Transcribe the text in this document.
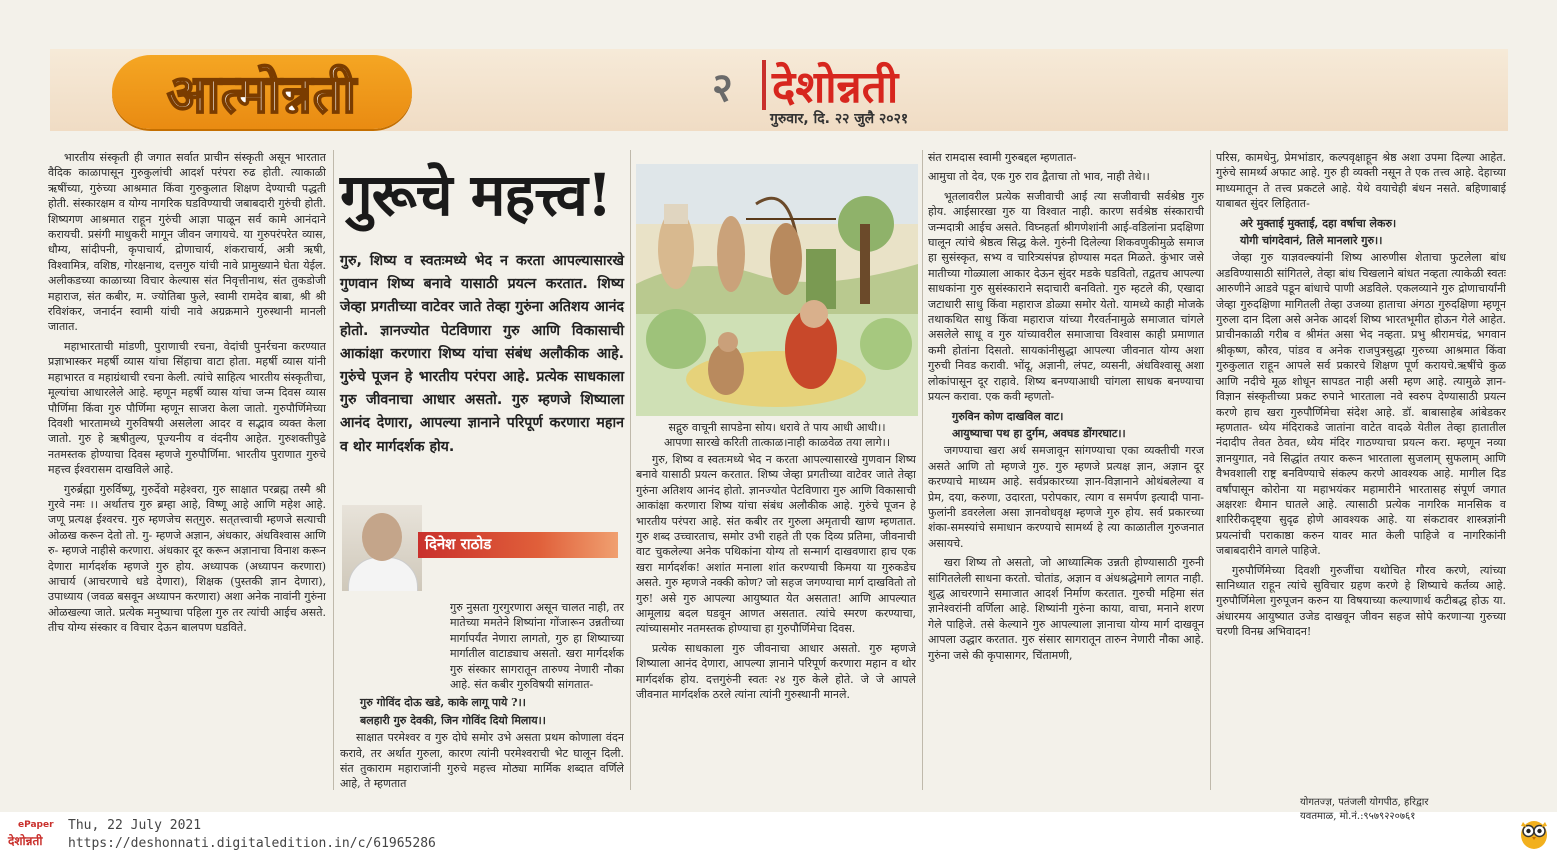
आत्मोन्नती	२ देशोन्नती
गुरुवार, दि. २२ जुलै २०२१

भारतीय संस्कृती ही जगात सर्वात प्राचीन संस्कृती असून भारतात वैदिक काळापासून गुरुकुलांची आदर्श परंपरा रुढ होती. त्याकाळी ऋषींच्या, गुरुंच्या आश्रमात किंवा गुरुकुलात शिक्षण देण्याची पद्धती होती. संस्कारक्षम व योग्य नागरिक घडविण्याची जबाबदारी गुरुंची होती. शिष्यगण आश्रमात राहून गुरुंची आज्ञा पाळून सर्व कामे आनंदाने करायची. प्रसंगी माधुकरी मागून जीवन जगायचे. या गुरुपरंपरेत व्यास, धौम्य, सांदीपनी, कृपाचार्य, द्रोणाचार्य, शंकराचार्य, अत्री ऋषी, विश्वामित्र, वशिष्ठ, गोरक्षनाथ, दत्तगुरु यांची नावे प्रामुख्याने घेता येईल. अलीकडच्या काळाच्या विचार केल्यास संत निवृत्तीनाथ, संत तुकडोजी महाराज, संत कबीर, म. ज्योतिबा फुले, स्वामी रामदेव बाबा, श्री श्री रविशंकर, जनार्दन स्वामी यांची नावे अग्रक्रमाने गुरुस्थानी मानली जातात.

महाभारताची मांडणी, पुराणाची रचना, वेदांची पुनर्रचना करण्यात प्रज्ञाभास्कर महर्षी व्यास यांचा सिंहाचा वाटा होता. महर्षी व्यास यांनी महाभारत व महाग्रंथाची रचना केली. त्यांचे साहित्य भारतीय संस्कृतीचा, मूल्यांचा आधारलेले आहे. म्हणून महर्षी व्यास यांचा जन्म दिवस व्यास पौर्णिमा किंवा गुरु पौर्णिमा म्हणून साजरा केला जातो. गुरुपौर्णिमेच्या दिवशी भारतामध्ये गुरुविषयी असलेला आदर व सद्भाव व्यक्त केला जातो. गुरु हे ऋषीतुल्य, पूज्यनीय व वंदनीय आहेत. गुरुशक्तीपुढे नतमस्तक होण्याचा दिवस म्हणजे गुरुपौर्णिमा. भारतीय पुराणात गुरुचे महत्त्व ईश्वरासम दाखविले आहे.

गुरुर्ब्रह्मा गुरुर्विष्णू, गुरुर्देवो महेश्वरा, गुरु साक्षात परब्रह्म तस्मै श्री गुरवे नमः ।। अर्थातच गुरु ब्रम्हा आहे, विष्णू आहे आणि महेश आहे. जणू प्रत्यक्ष ईश्वरच. गुरु म्हणजेच सत्‌गुरु. सत्‌तत्त्वाची म्हणजे सत्याची ओळख करून देतो तो. गु- म्हणजे अज्ञान, अंधकार, अंधविश्वास आणि रु- म्हणजे नाहीसे करणारा. अंधकार दूर करून अज्ञानाचा विनाश करून देणारा मार्गदर्शक म्हणजे गुरु होय. अध्यापक (अध्यापन करणारा) आचार्य (आचरणाचे धडे देणारा), शिक्षक (पुस्तकी ज्ञान देणारा), उपाध्याय (जवळ बसवून अध्यापन करणारा) अशा अनेक नावांनी गुरुंना ओळखल्या जाते. प्रत्येक मनुष्याचा पहिला गुरु तर त्यांची आईच असते. तीच योग्य संस्कार व विचार देऊन बालपण घडविते.

गुरूचे महत्त्व!
गुरु, शिष्य व स्वतःमध्ये भेद न करता आपल्यासारखे गुणवान शिष्य बनावे यासाठी प्रयत्न करतात. शिष्य जेव्हा प्रगतीच्या वाटेवर जाते तेव्हा गुरुंना अतिशय आनंद होतो. ज्ञानज्योत पेटविणारा गुरु आणि विकासाची आकांक्षा करणारा शिष्य यांचा संबंध अलौकीक आहे. गुरुंचे पूजन हे भारतीय परंपरा आहे. प्रत्येक साधकाला गुरु जीवनाचा आधार असतो. गुरु म्हणजे शिष्याला आनंद देणारा, आपल्या ज्ञानाने परिपूर्ण करणारा महान व थोर मार्गदर्शक होय.
दिनेश राठोड

गुरु नुसता गुरगुरणारा असून चालत नाही, तर मातेच्या ममतेने शिष्यांना गोंजारून उन्नतीच्या मार्गापर्यंत नेणारा लागतो, गुरु हा शिष्याच्या मार्गातील वाटाड्याच असतो. खरा मार्गदर्शक गुरु संस्कार सागरातून तारुण्य नेणारी नौका आहे. संत कबीर गुरुविषयी सांगतात-

गुरु गोविंद दोऊ खडे, काके लागू पाये ?।।

बलहारी गुरु देवकी, जिन गोविंद दियो मिलाय।।

साक्षात परमेश्वर व गुरु दोघे समोर उभे असता प्रथम कोणाला वंदन करावे, तर अर्थात गुरुला, कारण त्यांनी परमेश्वराची भेट घालून दिली. संत तुकाराम महाराजांनी गुरुचे महत्त्व मोठ्या मार्मिक शब्दात वर्णिले आहे, ते म्हणतात

सद्गुरु वाचूनी सापडेना सोय। धरावे ते पाय आधी आधी।।
आपणा सारखे करिती तात्काळ।नाही काळवेळ तया लागे।।

गुरु, शिष्य व स्वतःमध्ये भेद न करता आपल्यासारखे गुणवान शिष्य बनावे यासाठी प्रयत्न करतात. शिष्य जेव्हा प्रगतीच्या वाटेवर जाते तेव्हा गुरुंना अतिशय आनंद होतो. ज्ञानज्योत पेटविणारा गुरु आणि विकासाची आकांक्षा करणारा शिष्य यांचा संबंध अलौकीक आहे. गुरुंचे पूजन हे भारतीय परंपरा आहे. संत कबीर तर गुरुला अमृताची खाण म्हणतात. गुरु शब्द उच्चारताच, समोर उभी राहते ती एक दिव्य प्रतिमा, जीवनाची वाट चुकलेल्या अनेक पथिकांना योग्य तो सन्मार्ग दाखवणारा हाच एक खरा मार्गदर्शक! अशांत मनाला शांत करण्याची किमया या गुरुकडेच असते. गुरु म्हणजे नक्की कोण? जो सहज जगण्याचा मार्ग दाखवितो तो गुरु! असे गुरु आपल्या आयुष्यात येत असतात! आणि आपल्यात आमूलाग्र बदल घडवून आणत असतात. त्यांचे स्मरण करण्याचा, त्यांच्यासमोर नतमस्तक होण्याचा हा गुरुपौर्णिमेचा दिवस.

प्रत्येक साधकाला गुरु जीवनाचा आधार असतो. गुरु म्हणजे शिष्याला आनंद देणारा, आपल्या ज्ञानाने परिपूर्ण करणारा महान व थोर मार्गदर्शक होय. दत्तगुरुंनी स्वतः २४ गुरु केले होते. जे जे आपले जीवनात मार्गदर्शक ठरले त्यांना त्यांनी गुरुस्थानी मानले.

संत रामदास स्वामी गुरुबद्दल म्हणतात-

आमुचा तो देव, एक गुरु राव द्वैताचा तो भाव, नाही तेथे।।

भूतलावरील प्रत्येक सजीवाची आई त्या सजीवाची सर्वश्रेष्ठ गुरु होय. आईसारखा गुरु या विश्वात नाही. कारण सर्वश्रेष्ठ संस्काराची जन्मदात्री आईच असते. विघ्नहर्ता श्रीगणेशांनी आई-वडिलांना प्रदक्षिणा घालून त्यांचे श्रेष्ठत्व सिद्ध केले. गुरुंनी दिलेल्या शिकवणुकीमुळे समाज हा सुसंस्कृत, सभ्य व चारित्र्यसंपन्न होण्यास मदत मिळते. कुंभार जसे मातीच्या गोळ्याला आकार देऊन सुंदर मडके घडवितो, तद्वतच आपल्या साधकांना गुरु सुसंस्काराने सदाचारी बनवितो. गुरु म्हटले की, एखादा जटाधारी साधु किंवा महाराज डोळ्या समोर येतो. यामध्ये काही मोजके तथाकथित साधु किंवा महाराज यांच्या गैरवर्तनामुळे समाजात चांगले असलेले साधू व गुरु यांच्यावरील समाजाचा विश्वास काही प्रमाणात कमी होतांना दिसतो. सायकांनीसुद्धा आपल्या जीवनात योग्य अशा गुरुची निवड करावी. भोंदू, अज्ञानी, लंपट, व्यसनी, अंधविश्वासू अशा लोकांपासून दूर राहावे. शिष्य बनण्याआधी चांगला साधक बनण्याचा प्रयत्न करावा. एक कवी म्हणतो-

गुरुविन कोण दाखविल वाट।

आयुष्याचा पथ हा दुर्गम, अवघड डोंगरघाट।।

जगण्याचा खरा अर्थ समजावून सांगण्याचा एका व्यक्तीची गरज असते आणि तो म्हणजे गुरु. गुरु म्हणजे प्रत्यक्ष ज्ञान, अज्ञान दूर करण्याचे माध्यम आहे. सर्वप्रकारच्या ज्ञान-विज्ञानाने ओथंबलेल्या व प्रेम, दया, करुणा, उदारता, परोपकार, त्याग व समर्पण इत्यादी पाना-फुलांनी डवरलेला असा ज्ञानवोधवृक्ष म्हणजे गुरु होय. सर्व प्रकारच्या शंका-समस्यांचे समाधान करण्याचे सामर्थ्य हे त्या काळातील गुरुजनात असायचे.

खरा शिष्य तो असतो, जो आध्यात्मिक उन्नती होण्यासाठी गुरुनी सांगितलेली साधना करतो. चोतांड, अज्ञान व अंधश्रद्धेमागे लागत नाही. शुद्ध आचरणाने समाजात आदर्श निर्माण करतात. गुरुची महिमा संत ज्ञानेश्वरांनी वर्णिला आहे. शिष्यांनी गुरुंना काया, वाचा, मनाने शरण गेले पाहिजे. तसे केल्याने गुरु आपल्याला ज्ञानाचा योग्य मार्ग दाखवून आपला उद्धार करतात. गुरु संसार सागरातून तारुन नेणारी नौका आहे. गुरुंना जसे की कृपासागर, चिंतामणी,

परिस, कामधेनु, प्रेमभांडार, कल्पवृक्षाहून श्रेष्ठ अशा उपमा दिल्या आहेत. गुरुंचे सामर्थ्य अफाट आहे. गुरु ही व्यक्ती नसून ते एक तत्त्व आहे. देहाच्या माध्यमातून ते तत्त्व प्रकटले आहे. येथे वयाचेही बंधन नसते. बहिणाबाई याबाबत सुंदर लिहितात-

अरे मुक्ताई मुक्ताई, दहा वर्षाचा लेकरु।

योगी चांगदेवानं, तिले मानलारे गुरु।।

जेव्हा गुरु याज्ञवल्क्यांनी शिष्य आरुणीस शेताचा फुटलेला बांध अडविण्यासाठी सांगितले, तेव्हा बांध चिखलाने बांधत नव्हता त्याकेळी स्वतः आरुणीने आडवे पडून बांधाचे पाणी अडविले. एकलव्याने गुरु द्रोणाचार्यांनी जेव्हा गुरुदक्षिणा मागितली तेव्हा उजव्या हाताचा अंगठा गुरुदक्षिणा म्हणून गुरुला दान दिला असे अनेक आदर्श शिष्य भारतभूमीत होऊन गेले आहेत. प्राचीनकाळी गरीब व श्रीमंत असा भेद नव्हता. प्रभु श्रीरामचंद्र, भगवान श्रीकृष्ण, कौरव, पांडव व अनेक राजपुत्रसुद्धा गुरुच्या आश्रमात किंवा गुरुकुलात राहून आपले सर्व प्रकारचे शिक्षण पूर्ण करायचे.ऋषींचे कुळ आणि नदीचे मूळ शोधून सापडत नाही असी म्हण आहे. त्यामुळे ज्ञान-विज्ञान संस्कृतीच्या प्रकट रुपाने भारताला नवे स्वरुप देण्यासाठी प्रयत्न करणे हाच खरा गुरुपौर्णिमेचा संदेश आहे. डॉ. बाबासाहेब आंबेडकर म्हणतात- ध्येय मंदिराकडे जातांना वाटेत वादळे येतील तेव्हा हातातील नंदादीप तेवत ठेवत, ध्येय मंदिर गाठण्याचा प्रयत्न करा. म्हणून नव्या ज्ञानयुगात, नवे सिद्धांत तयार करून भारताला सुजलाम्‌ सुफलाम्‌ आणि वैभवशाली राष्ट्र बनविण्याचे संकल्प करणे आवश्यक आहे. मागील दिड वर्षांपासून कोरोना या महाभयंकर महामारीने भारतासह संपूर्ण जगात अक्षरशः थैमान घातले आहे. त्यासाठी प्रत्येक नागरिक मानसिक व शारिरीकदृष्ट्या सुदृढ होणे आवश्यक आहे. या संकटावर शास्त्रज्ञांनी प्रयत्नांची पराकाष्ठा करुन यावर मात केली पाहिजे व नागरिकांनी जबाबदारीने वागले पाहिजे.

गुरुपौर्णिमेच्या दिवशी गुरुजींचा यथोचित गौरव करणे, त्यांच्या सानिध्यात राहून त्यांचे सुविचार ग्रहण करणे हे शिष्याचे कर्तव्य आहे. गुरुपौर्णिमेला गुरुपूजन करुन या विषयाच्या कल्याणार्थ कटीबद्ध होऊ या. अंधारमय आयुष्यात उजेड दाखवून जीवन सहज सोपे करणाऱ्या गुरुच्या चरणी विनम्र अभिवादन!

योगतज्ज्ञ, पतंजली योगपीठ, हरिद्वार
यवतमाळ, मो.नं.:९५७९२२०७६१
ePaper
देशोन्नती
Thu, 22 July 2021
https://deshonnati.digitaledition.in/c/61965286
